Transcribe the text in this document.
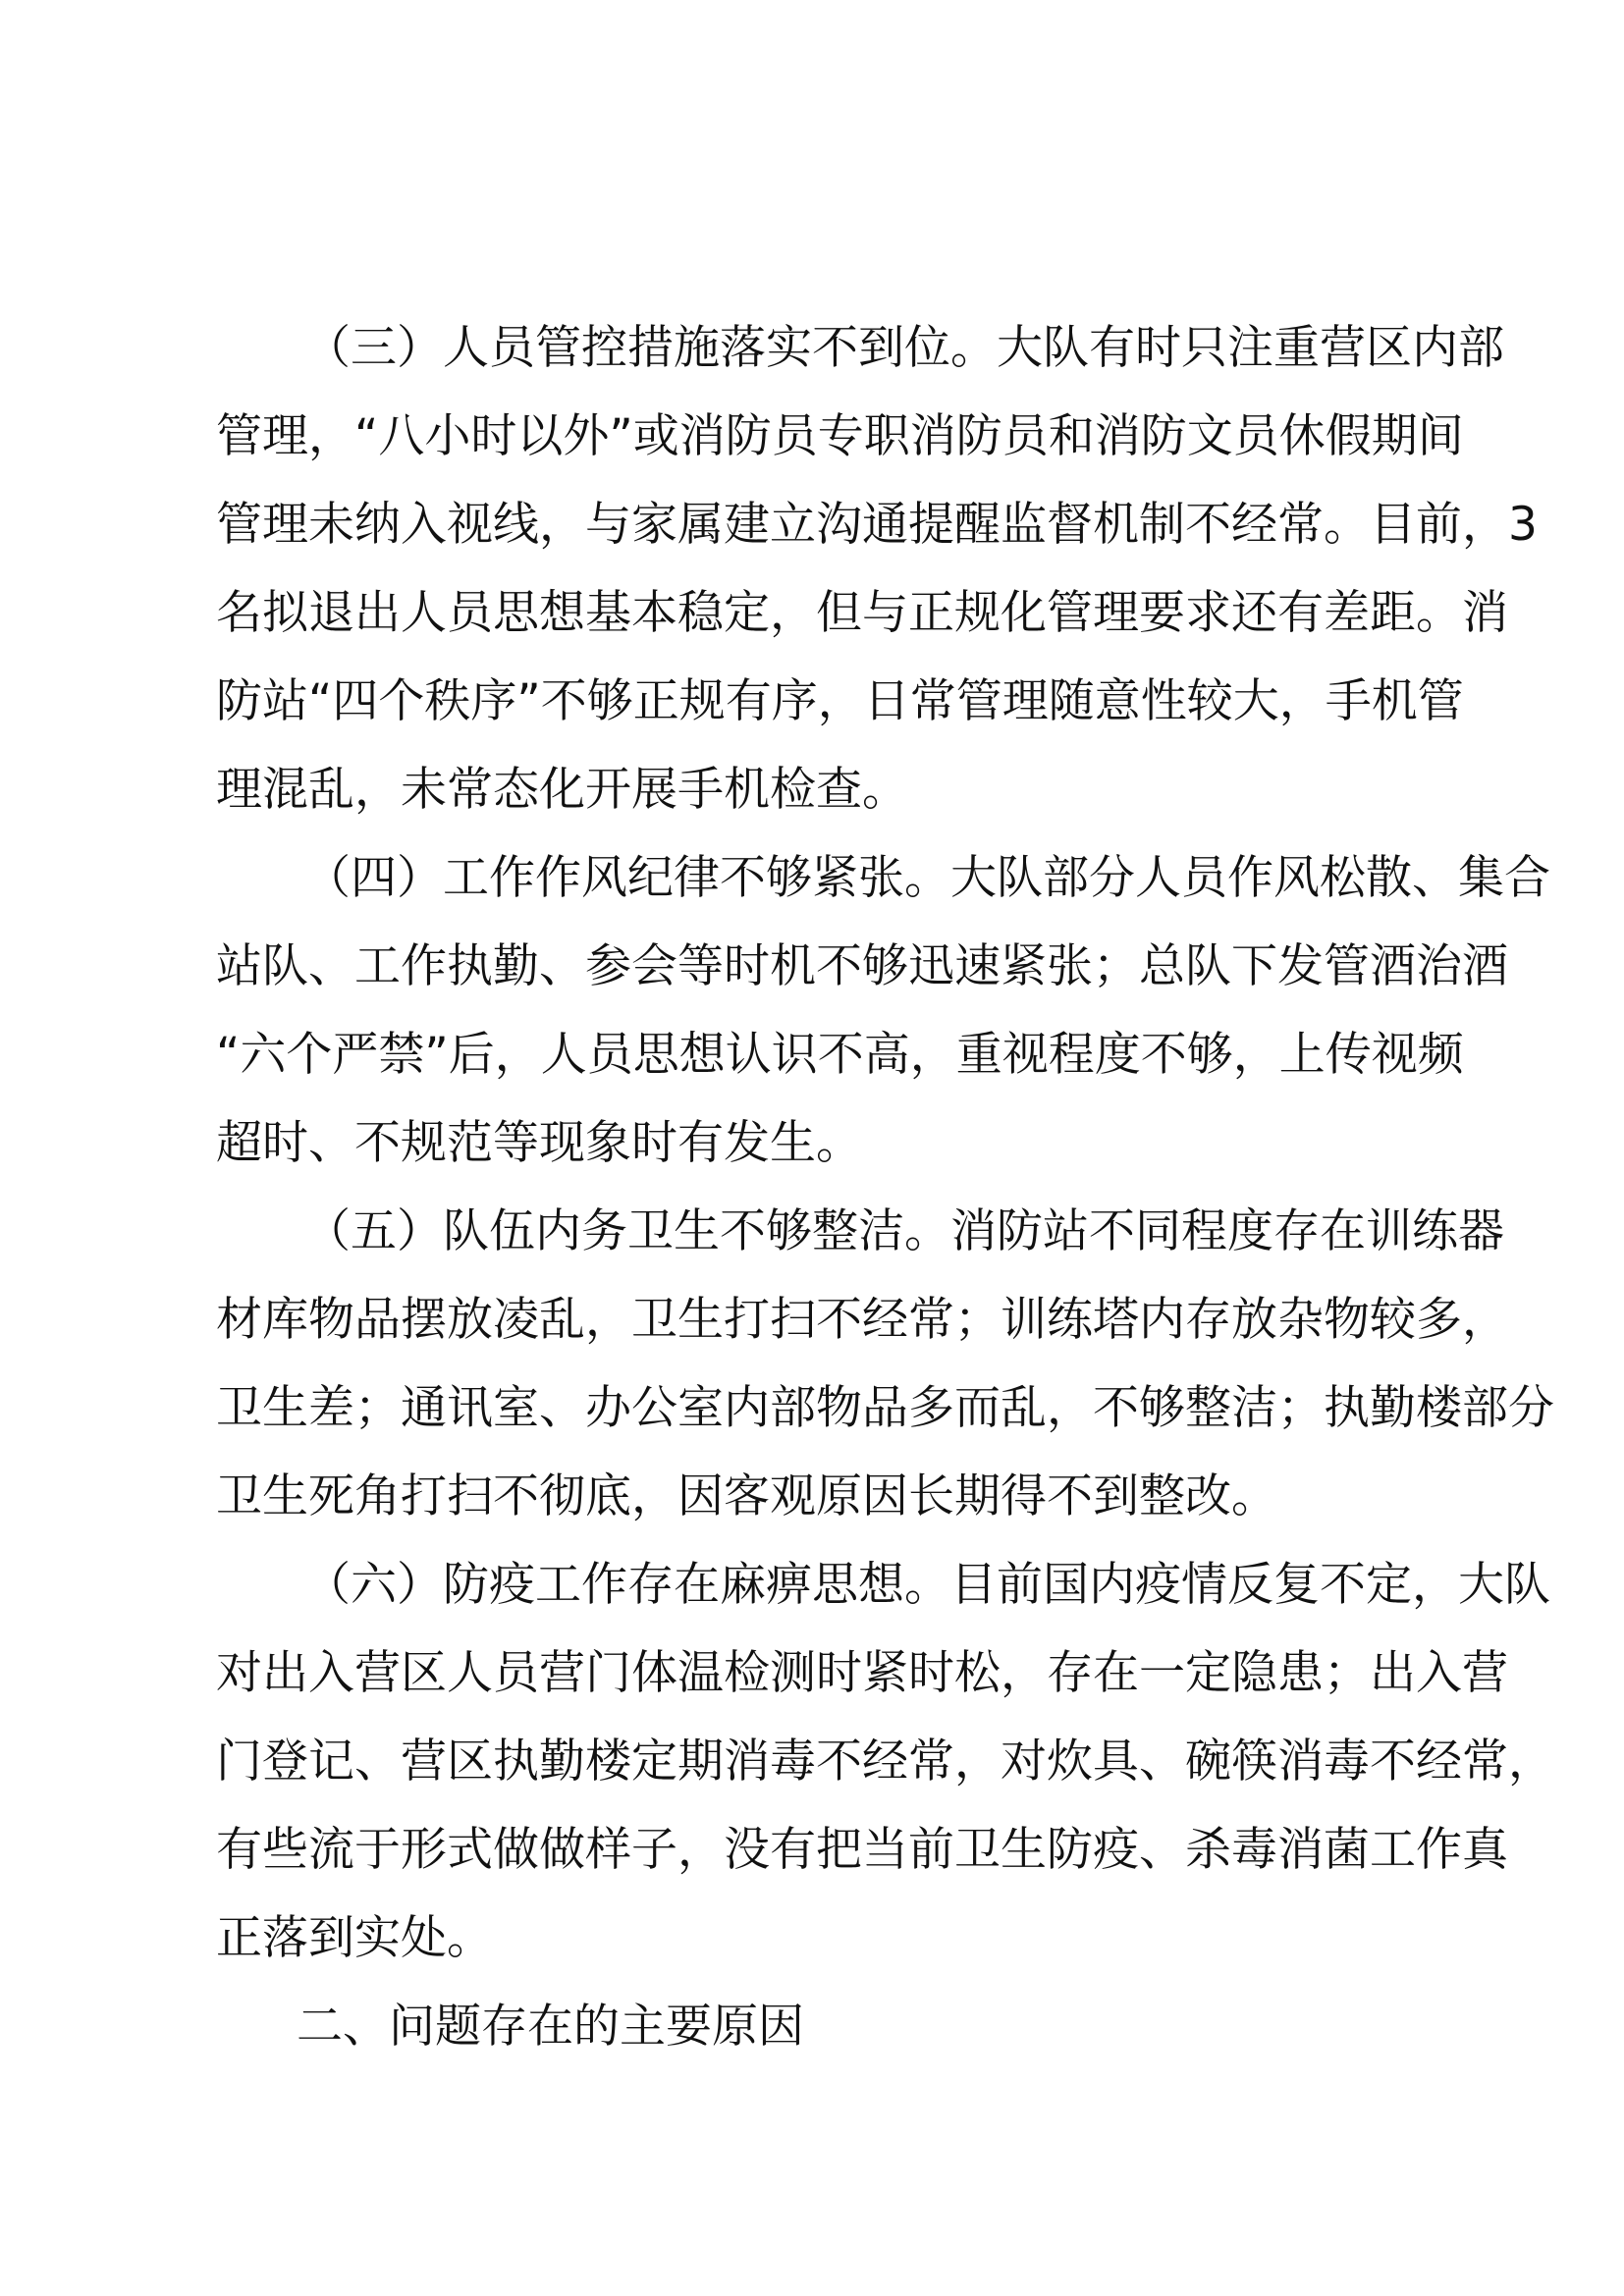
（三）人员管控措施落实不到位。大队有时只注重营区内部
管理，“八小时以外”或消防员专职消防员和消防文员休假期间
管理未纳入视线，与家属建立沟通提醒监督机制不经常。目前，3
名拟退出人员思想基本稳定，但与正规化管理要求还有差距。消
防站“四个秩序”不够正规有序，日常管理随意性较大，手机管
理混乱，未常态化开展手机检查。
（四）工作作风纪律不够紧张。大队部分人员作风松散、集合
站队、工作执勤、参会等时机不够迅速紧张；总队下发管酒治酒
“六个严禁”后，人员思想认识不高，重视程度不够，上传视频
超时、不规范等现象时有发生。
（五）队伍内务卫生不够整洁。消防站不同程度存在训练器
材库物品摆放凌乱，卫生打扫不经常；训练塔内存放杂物较多，
卫生差；通讯室、办公室内部物品多而乱，不够整洁；执勤楼部分
卫生死角打扫不彻底，因客观原因长期得不到整改。
（六）防疫工作存在麻痹思想。目前国内疫情反复不定，大队
对出入营区人员营门体温检测时紧时松，存在一定隐患；出入营
门登记、营区执勤楼定期消毒不经常，对炊具、碗筷消毒不经常，
有些流于形式做做样子，没有把当前卫生防疫、杀毒消菌工作真
正落到实处。
二、问题存在的主要原因
